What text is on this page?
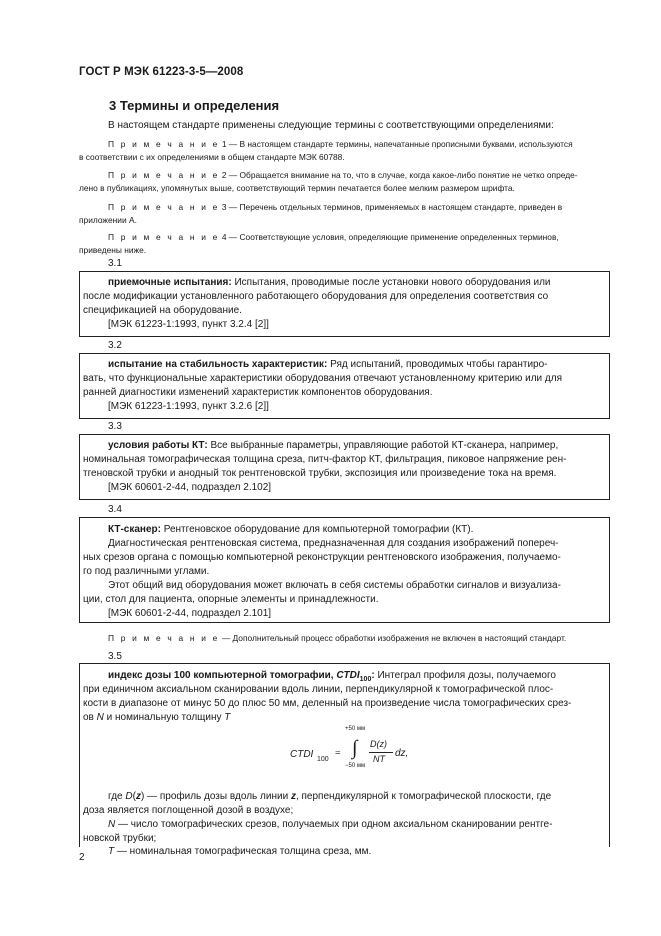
ГОСТ Р МЭК 61223-3-5—2008
3 Термины и определения
В настоящем стандарте применены следующие термины с соответствующими определениями:
П р и м е ч а н и е 1 — В настоящем стандарте термины, напечатанные прописными буквами, используются
в соответствии с их определениями в общем стандарте МЭК 60788.
П р и м е ч а н и е 2 — Обращается внимание на то, что в случае, когда какое-либо понятие не четко опреде-
лено в публикациях, упомянутых выше, соответствующий термин печатается более мелким размером шрифта.
П р и м е ч а н и е 3 — Перечень отдельных терминов, применяемых в настоящем стандарте, приведен в
приложении А.
П р и м е ч а н и е 4 — Соответствующие условия, определяющие применение определенных терминов,
приведены ниже.
3.1
приемочные испытания: Испытания, проводимые после установки нового оборудования или
после модификации установленного работающего оборудования для определения соответствия со
спецификацией на оборудование.
[МЭК 61223-1:1993, пункт 3.2.4 [2]]
3.2
испытание на стабильность характеристик: Ряд испытаний, проводимых чтобы гарантиро-
вать, что функциональные характеристики оборудования отвечают установленному критерию или для
ранней диагностики изменений характеристик компонентов оборудования.
[МЭК 61223-1:1993, пункт 3.2.6 [2]]
3.3
условия работы КТ: Все выбранные параметры, управляющие работой КТ-сканера, например,
номинальная томографическая толщина среза, питч-фактор КТ, фильтрация, пиковое напряжение рен-
тгеновской трубки и анодный ток рентгеновской трубки, экспозиция или произведение тока на время.
[МЭК 60601-2-44, подраздел 2.102]
3.4
КТ-сканер: Рентгеновское оборудование для компьютерной томографии (КТ).
Диагностическая рентгеновская система, предназначенная для создания изображений попереч-
ных срезов органа с помощью компьютерной реконструкции рентгеновского изображения, получаемо-
го под различными углами.
Этот общий вид оборудования может включать в себя системы обработки сигналов и визуализа-
ции, стол для пациента, опорные элементы и принадлежности.
[МЭК 60601-2-44, подраздел 2.101]
П р и м е ч а н и е — Дополнительный процесс обработки изображения не включен в настоящий стандарт.
3.5
индекс дозы 100 компьютерной томографии, $CTDI_{100}$: Интеграл профиля дозы, получаемого
при единичном аксиальном сканировании вдоль линии, перпендикулярной к томографической плос-
кости в диапазоне от минус 50 до плюс 50 мм, деленный на произведение числа томографических срез-
ов N и номинальную толщину T
CTDI 100
=
+50 мм
∫
−50 мм
D(z)
NT dz,
где D(z) — профиль дозы вдоль линии z, перпендикулярной к томографической плоскости, где
доза является поглощенной дозой в воздухе;
N — число томографических срезов, получаемых при одном аксиальном сканировании рентге-
новской трубки;
T — номинальная томографическая толщина среза, мм.
2
